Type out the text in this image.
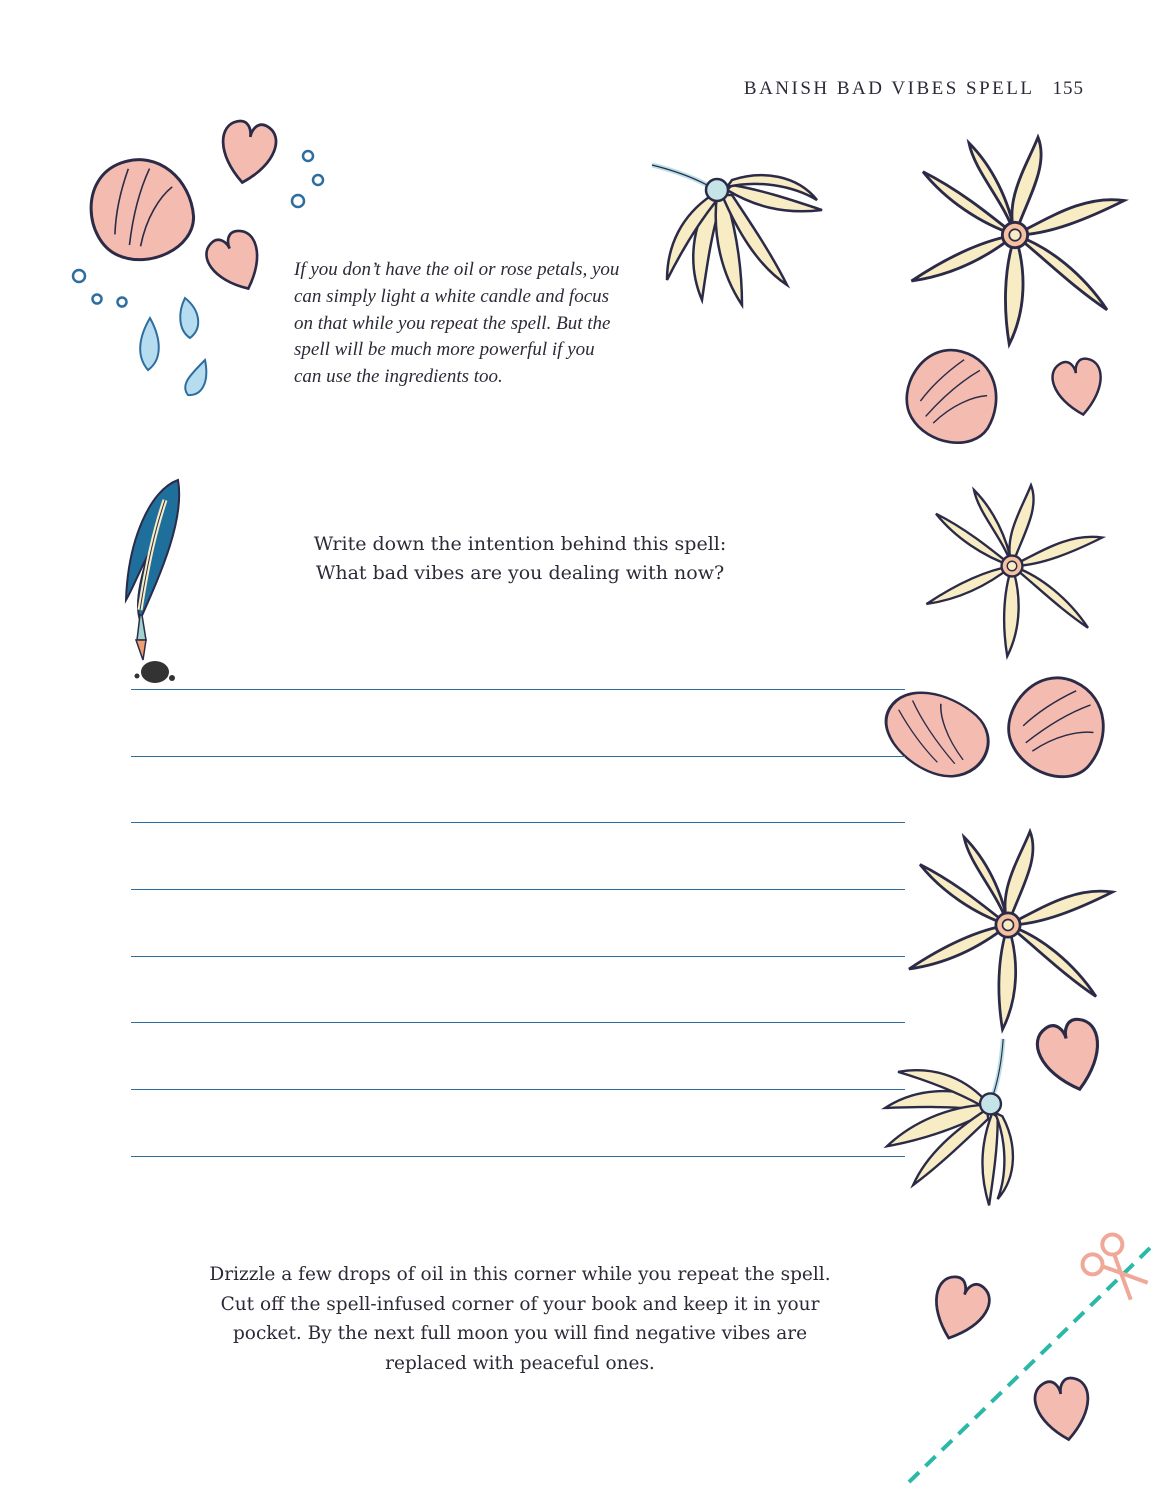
BANISH BAD VIBES SPELL 155
If you don’t have the oil or rose petals, you can simply light a white candle and focus on that while you repeat the spell. But the spell will be much more powerful if you can use the ingredients too.
Write down the intention behind this spell:
What bad vibes are you dealing with now?
Drizzle a few drops of oil in this corner while you repeat the spell.
Cut off the spell-infused corner of your book and keep it in your
pocket. By the next full moon you will find negative vibes are
replaced with peaceful ones.
